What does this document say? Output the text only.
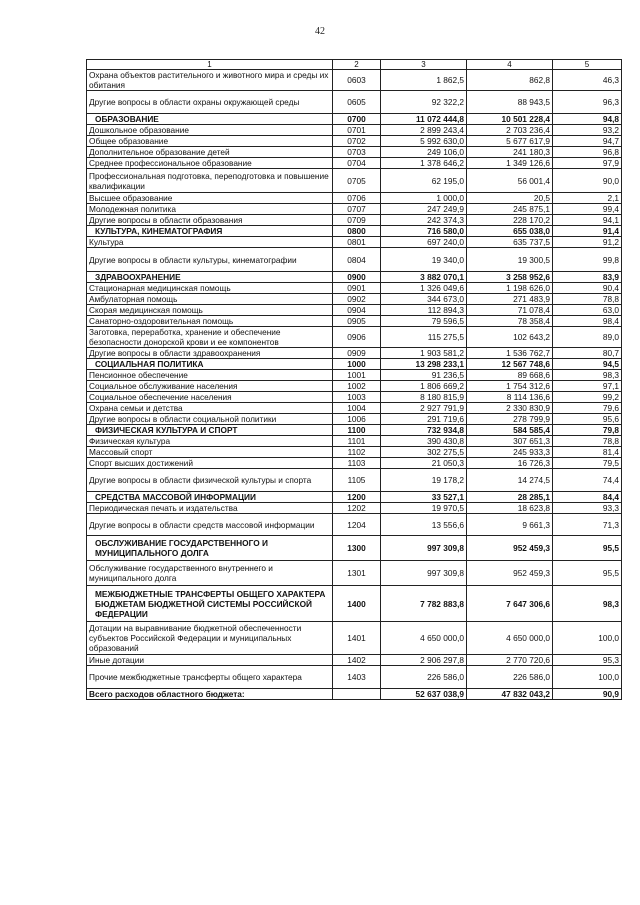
42
1	2	3	4	5
Охрана объектов растительного и животного мира и среды их обитания	0603	1 862,5	862,8	46,3
Другие вопросы в области охраны окружающей среды	0605	92 322,2	88 943,5	96,3
ОБРАЗОВАНИЕ	0700	11 072 444,8	10 501 228,4	94,8
Дошкольное образование	0701	2 899 243,4	2 703 236,4	93,2
Общее образование	0702	5 992 630,0	5 677 617,9	94,7
Дополнительное образование детей	0703	249 106,0	241 180,3	96,8
Среднее профессиональное образование	0704	1 378 646,2	1 349 126,6	97,9
Профессиональная подготовка, переподготовка и повышение квалификации	0705	62 195,0	56 001,4	90,0
Высшее образование	0706	1 000,0	20,5	2,1
Молодежная политика	0707	247 249,9	245 875,1	99,4
Другие вопросы в области образования	0709	242 374,3	228 170,2	94,1
КУЛЬТУРА, КИНЕМАТОГРАФИЯ	0800	716 580,0	655 038,0	91,4
Культура	0801	697 240,0	635 737,5	91,2
Другие вопросы в области культуры, кинематографии	0804	19 340,0	19 300,5	99,8
ЗДРАВООХРАНЕНИЕ	0900	3 882 070,1	3 258 952,6	83,9
Стационарная медицинская помощь	0901	1 326 049,6	1 198 626,0	90,4
Амбулаторная помощь	0902	344 673,0	271 483,9	78,8
Скорая медицинская помощь	0904	112 894,3	71 078,4	63,0
Санаторно-оздоровительная помощь	0905	79 596,5	78 358,4	98,4
Заготовка, переработка, хранение и обеспечение безопасности донорской крови и ее компонентов	0906	115 275,5	102 643,2	89,0
Другие вопросы в области здравоохранения	0909	1 903 581,2	1 536 762,7	80,7
СОЦИАЛЬНАЯ ПОЛИТИКА	1000	13 298 233,1	12 567 748,6	94,5
Пенсионное обеспечение	1001	91 236,5	89 668,6	98,3
Социальное обслуживание населения	1002	1 806 669,2	1 754 312,6	97,1
Социальное обеспечение населения	1003	8 180 815,9	8 114 136,6	99,2
Охрана семьи и детства	1004	2 927 791,9	2 330 830,9	79,6
Другие вопросы в области социальной политики	1006	291 719,6	278 799,9	95,6
ФИЗИЧЕСКАЯ КУЛЬТУРА И СПОРТ	1100	732 934,8	584 585,4	79,8
Физическая культура	1101	390 430,8	307 651,3	78,8
Массовый спорт	1102	302 275,5	245 933,3	81,4
Спорт высших достижений	1103	21 050,3	16 726,3	79,5
Другие вопросы в области физической культуры и спорта	1105	19 178,2	14 274,5	74,4
СРЕДСТВА МАССОВОЙ ИНФОРМАЦИИ	1200	33 527,1	28 285,1	84,4
Периодическая печать и издательства	1202	19 970,5	18 623,8	93,3
Другие вопросы в области средств массовой информации	1204	13 556,6	9 661,3	71,3
ОБСЛУЖИВАНИЕ ГОСУДАРСТВЕННОГО И МУНИЦИПАЛЬНОГО ДОЛГА	1300	997 309,8	952 459,3	95,5
Обслуживание государственного внутреннего и муниципального долга	1301	997 309,8	952 459,3	95,5
МЕЖБЮДЖЕТНЫЕ ТРАНСФЕРТЫ ОБЩЕГО ХАРАКТЕРА БЮДЖЕТАМ БЮДЖЕТНОЙ СИСТЕМЫ РОССИЙСКОЙ ФЕДЕРАЦИИ	1400	7 782 883,8	7 647 306,6	98,3
Дотации на выравнивание бюджетной обеспеченности субъектов Российской Федерации и муниципальных образований	1401	4 650 000,0	4 650 000,0	100,0
Иные дотации	1402	2 906 297,8	2 770 720,6	95,3
Прочие межбюджетные трансферты общего характера	1403	226 586,0	226 586,0	100,0
Всего расходов областного бюджета:		52 637 038,9	47 832 043,2	90,9
